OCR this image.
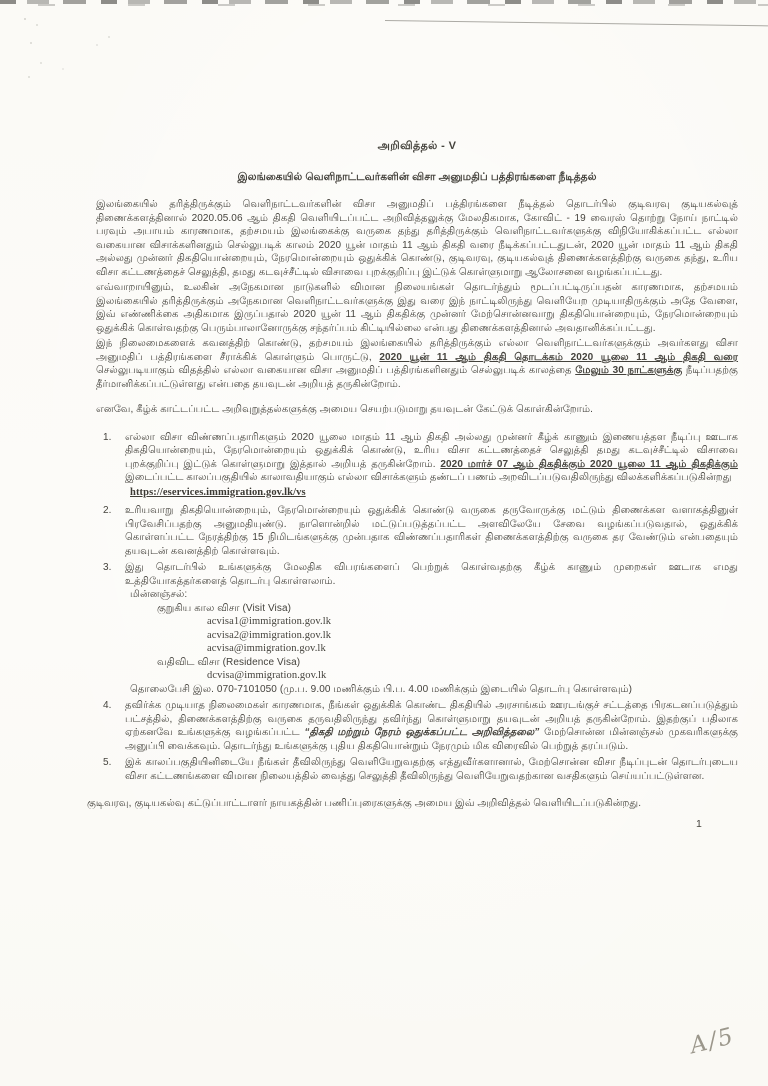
அறிவித்தல் - V
இலங்கையில் வெளிநாட்டவர்களின் விசா அனுமதிப் பத்திரங்களை நீடித்தல்

இலங்கையில் தரித்திருக்கும் வெளிநாட்டவர்களின் விசா அனுமதிப் பத்திரங்களை நீடித்தல் தொடர்பில் குடிவரவு குடியகல்வுத் திணைக்களத்தினால் 2020.05.06 ஆம் திகதி வெளியிடப்பட்ட அறிவித்தலுக்கு மேலதிகமாக, கோவிட் - 19 வைரஸ் தொற்று நோய் நாட்டில் பரவும் அபாயம் காரணமாக, தற்சமயம் இலங்கைக்கு வருகை தந்து தரித்திருக்கும் வெளிநாட்டவர்களுக்கு விநியோகிக்கப்பட்ட எல்லா வகையான விசாக்களினதும் செல்லுபடிக் காலம் 2020 யூன் மாதம் 11 ஆம் திகதி வரை நீடிக்கப்பட்டதுடன், 2020 யூன் மாதம் 11 ஆம் திகதி அல்லது முன்னர் திகதியொன்றையும், நேரமொன்றையும் ஒதுக்கிக் கொண்டு, குடிவரவு, குடியகல்வுத் திணைக்களத்திற்கு வருகை தந்து, உரிய விசா கட்டணத்தைச் செலுத்தி, தமது கடவுச்சீட்டில் விசாவை புறக்குறிப்பு இட்டுக் கொள்ளுமாறு ஆலோசனை வழங்கப்பட்டது.

எவ்வாறாயினும், உலகின் அநேகமான நாடுகளில் விமான நிலையங்கள் தொடர்ந்தும் மூடப்பட்டிருப்பதன் காரணமாக, தற்சமயம் இலங்கையில் தரித்திருக்கும் அநேகமான வெளிநாட்டவர்களுக்கு இது வரை இந் நாட்டிலிருந்து வெளியேற முடியாதிருக்கும் அதே வேளை, இவ் எண்ணிக்கை அதிகமாக இருப்பதால் 2020 யூன் 11 ஆம் திகதிக்கு முன்னர் மேற்சொன்னவாறு திகதியொன்றையும், நேரமொன்றையும் ஒதுக்கிக் கொள்வதற்கு பெரும்பாலானோருக்கு சந்தர்ப்பம் கிட்டியில்லை என்பது திணைக்களத்தினால் அவதானிக்கப்பட்டது.

இந் நிலைமைகளைக் கவனத்திற் கொண்டு, தற்சமயம் இலங்கையில் தரித்திருக்கும் எல்லா வெளிநாட்டவர்களுக்கும் அவர்களது விசா அனுமதிப் பத்திரங்களை சீராக்கிக் கொள்ளும் பொருட்டு, 2020 யூன் 11 ஆம் திகதி தொடக்கம் 2020 யூலை 11 ஆம் திகதி வரை செல்லுபடியாகும் விதத்தில் எல்லா வகையான விசா அனுமதிப் பத்திரங்களினதும் செல்லுபடிக் காலத்தை மேலும் 30 நாட்களுக்கு நீடிப்பதற்கு தீர்மானிக்கப்பட்டுள்ளது என்பதை தயவுடன் அறியத் தருகின்றோம்.

எனவே, கீழ்க் காட்டப்பட்ட அறிவுறுத்தல்களுக்கு அமைய செயற்படுமாறு தயவுடன் கேட்டுக் கொள்கின்றோம்.

1.	எல்லா விசா விண்ணப்பதாரிகளும் 2020 யூலை மாதம் 11 ஆம் திகதி அல்லது முன்னர் கீழ்க் காணும் இணையத்தள நீடிப்பு ஊடாக திகதியொன்றையும், நேரமொன்றையும் ஒதுக்கிக் கொண்டு, உரிய விசா கட்டணத்தைச் செலுத்தி தமது கடவுச்சீட்டில் விசாவை புறக்குறிப்பு இட்டுக் கொள்ளுமாறு இத்தால் அறியத் தருகின்றோம். 2020 மார்ச் 07 ஆம் திகதிக்கும் 2020 யூலை 11 ஆம் திகதிக்கும் இடைப்பட்ட காலப்பகுதியில் காலாவதியாகும் எல்லா விசாக்களும் தண்டப் பணம் அறவிடப்படுவதிலிருந்து விலக்களிக்கப்படுகின்றது
https://eservices.immigration.gov.lk/vs
2.	உரியவாறு திகதியொன்றையும், நேரமொன்றையும் ஒதுக்கிக் கொண்டு வருகை தருவோருக்கு மட்டும் திணைக்கள வளாகத்தினுள் பிரவேசிப்பதற்கு அனுமதியுண்டு. நாளொன்றில் மட்டுப்படுத்தப்பட்ட அளவிலேயே சேவை வழங்கப்படுவதால், ஒதுக்கிக் கொள்ளப்பட்ட நேரத்திற்கு 15 நிமிடங்களுக்கு முன்பதாக விண்ணப்பதாரிகள் திணைக்களத்திற்கு வருகை தர வேண்டும் என்பதையும் தயவுடன் கவனத்திற் கொள்ளவும்.
3.	இது தொடர்பில் உங்களுக்கு மேலதிக விபரங்களைப் பெற்றுக் கொள்வதற்கு கீழ்க் காணும் முறைகள் ஊடாக எமது உத்தியோகத்தர்களைத் தொடர்பு கொள்ளலாம்.
மின்னஞ்சல்:
குறுகிய கால விசா (Visit Visa)
acvisa1@immigration.gov.lk
acvisa2@immigration.gov.lk
acvisa@immigration.gov.lk
வதிவிட விசா (Residence Visa)
dcvisa@immigration.gov.lk
தொலைபேசி இல. 070-7101050 (மு.ப. 9.00 மணிக்கும் பி.ப. 4.00 மணிக்கும் இடையில் தொடர்பு கொள்ளவும்)
4.	தவிர்க்க முடியாத நிலைமைகள் காரணமாக, நீங்கள் ஒதுக்கிக் கொண்ட திகதியில் அரசாங்கம் ஊரடங்குச் சட்டத்தை பிரகடனப்படுத்தும் பட்சத்தில், திணைக்களத்திற்கு வருகை தருவதிலிருந்து தவிர்ந்து கொள்ளுமாறு தயவுடன் அறியத் தருகின்றோம். இதற்குப் பதிலாக ஏற்கனவே உங்களுக்கு வழங்கப்பட்ட “திகதி மற்றும் நேரம் ஒதுக்கப்பட்ட அறிவித்தலை” மேற்சொன்ன மின்னஞ்சல் முகவரிகளுக்கு அனுப்பி வைக்கவும். தொடர்ந்து உங்களுக்கு புதிய திகதியொன்றும் நேரமும் மிக விரைவில் பெற்றுத் தரப்படும்.
5.	இக் காலப்பகுதியினிடையே நீங்கள் தீவிலிருந்து வெளியேறுவதற்கு எத்துவீர்களானால், மேற்சொன்ன விசா நீடிப்புடன் தொடர்புடைய விசா கட்டணங்களை விமான நிலையத்தில் வைத்து செலுத்தி தீவிலிருந்து வெளியேறுவதற்கான வசதிகளும் செய்யப்பட்டுள்ளன.

குடிவரவு, குடியகல்வு கட்டுப்பாட்டாளர் நாயகத்தின் பணிப்புரைகளுக்கு அமைய இவ் அறிவித்தல் வெளியிடப்படுகின்றது.

1
A/5
